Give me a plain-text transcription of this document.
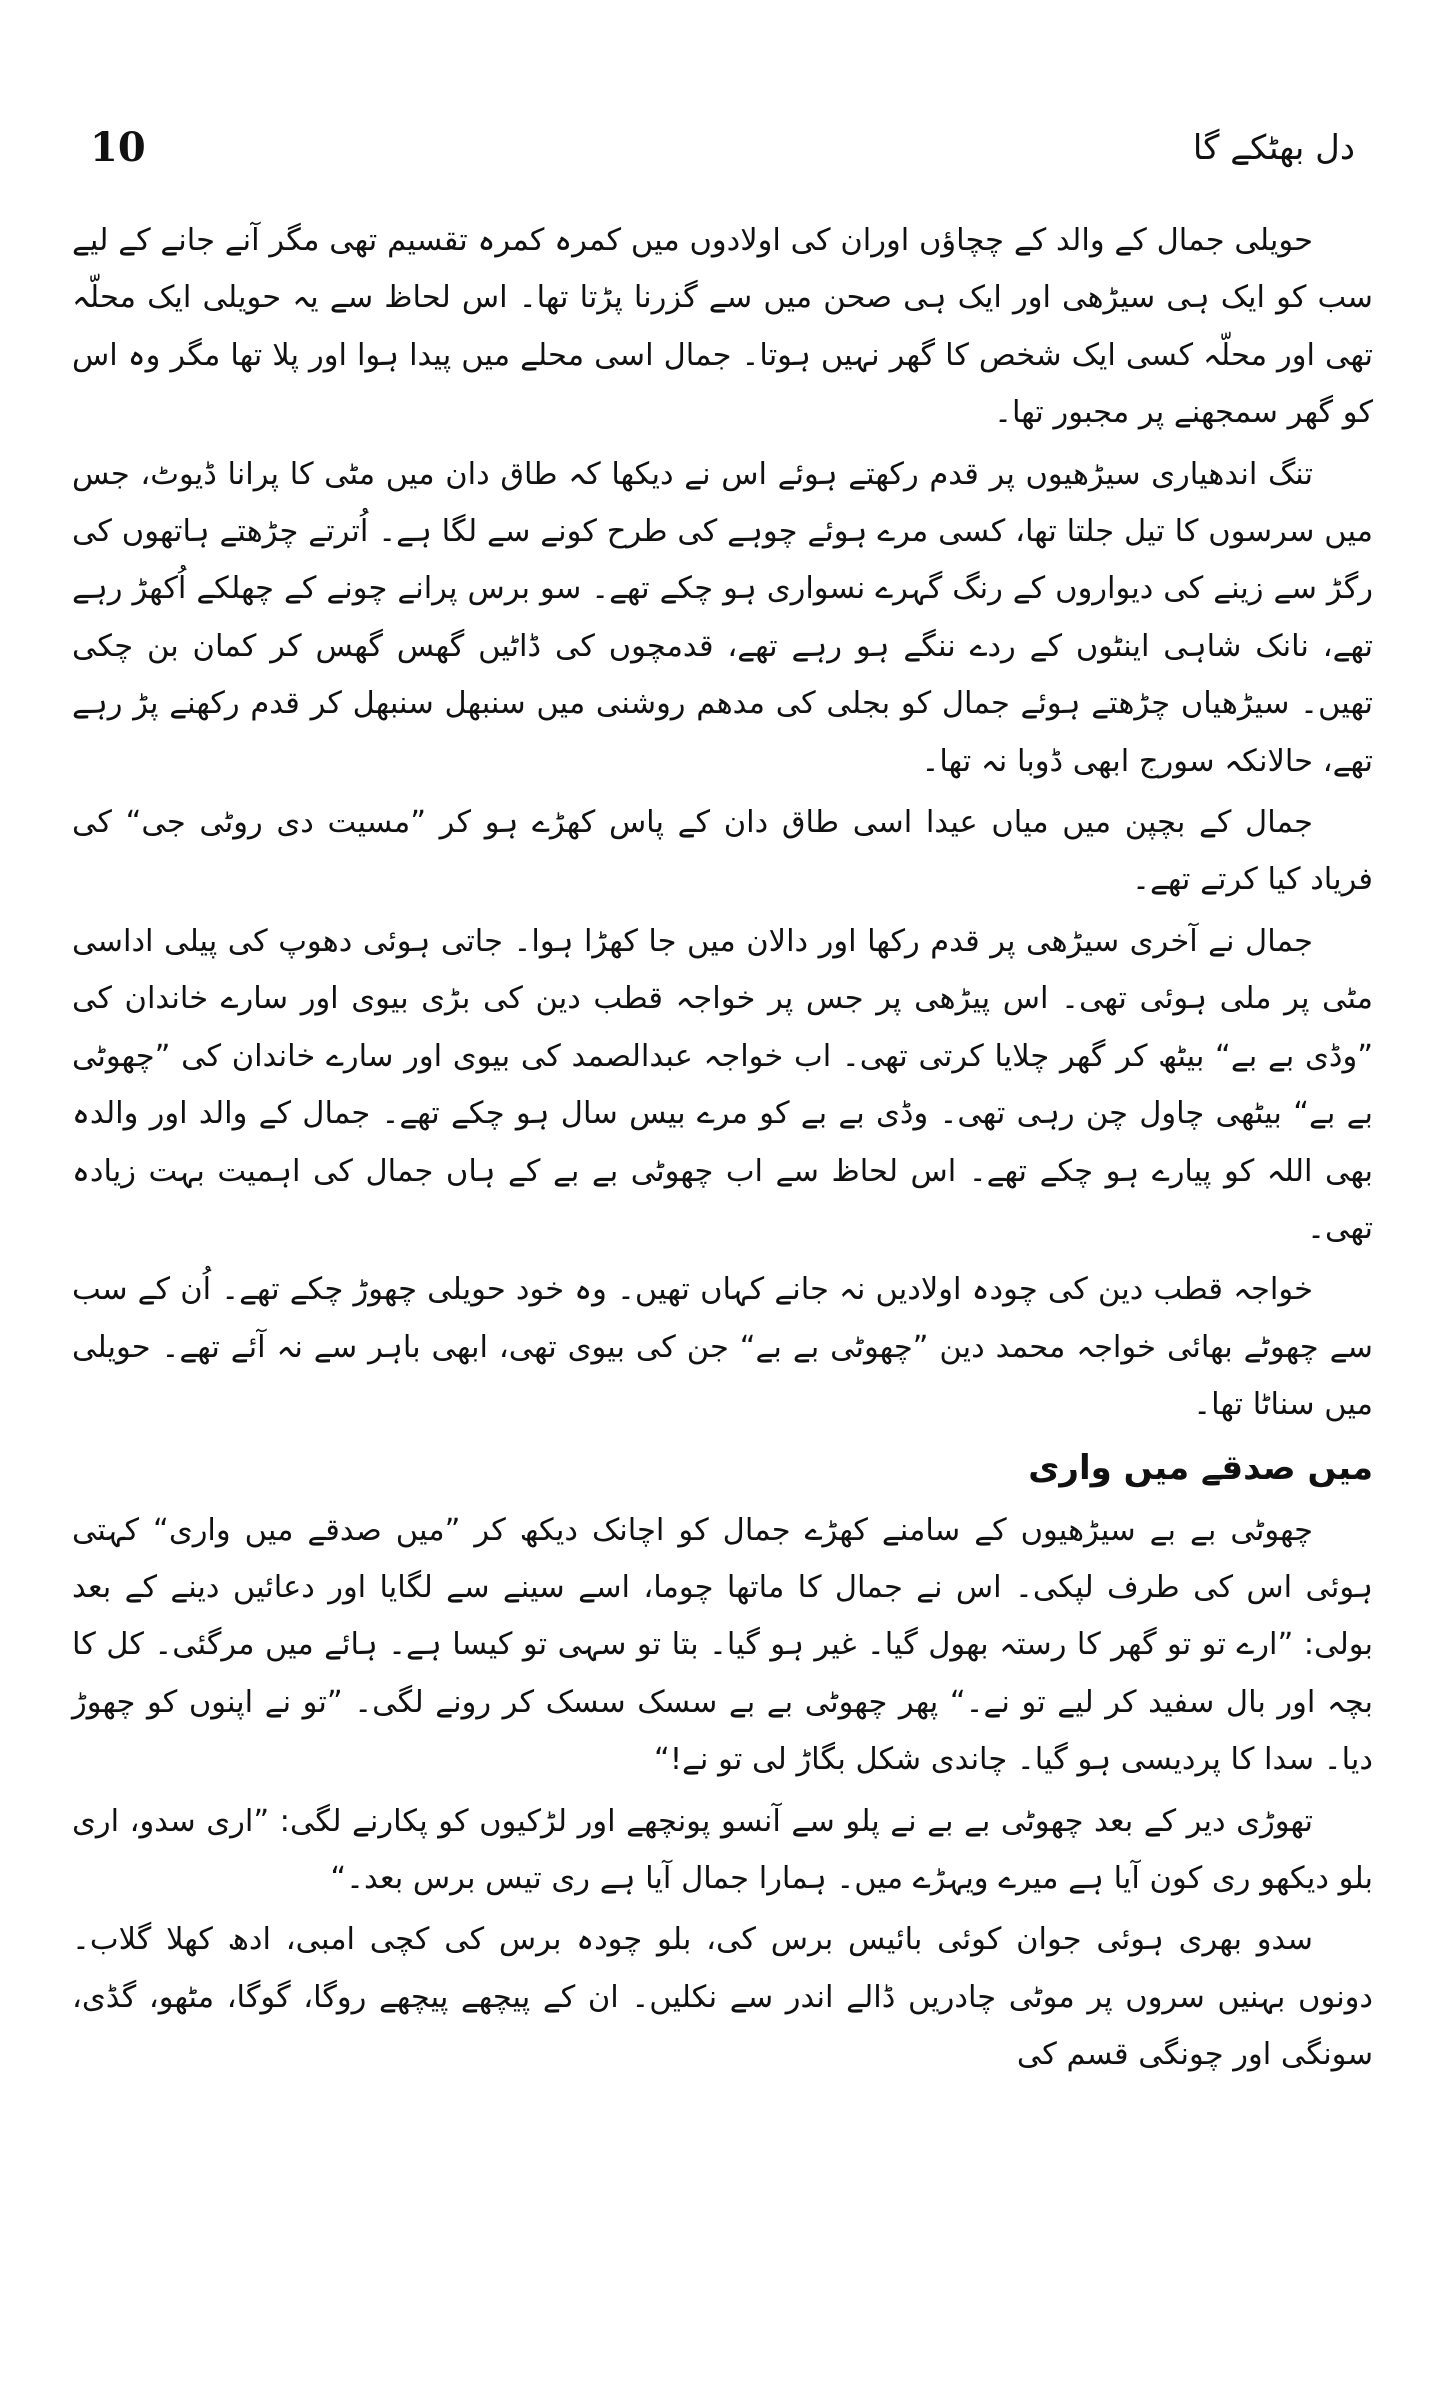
10	دل بھٹکے گا

حویلی جمال کے والد کے چچاؤں اوران کی اولادوں میں کمرہ کمرہ تقسیم تھی مگر آنے جانے کے لیے سب کو ایک ہی سیڑھی اور ایک ہی صحن میں سے گزرنا پڑتا تھا۔ اس لحاظ سے یہ حویلی ایک محلّہ تھی اور محلّہ کسی ایک شخص کا گھر نہیں ہوتا۔ جمال اسی محلے میں پیدا ہوا اور پلا تھا مگر وہ اس کو گھر سمجھنے پر مجبور تھا۔

تنگ اندھیاری سیڑھیوں پر قدم رکھتے ہوئے اس نے دیکھا کہ طاق دان میں مٹی کا پرانا ڈیوٹ، جس میں سرسوں کا تیل جلتا تھا، کسی مرے ہوئے چوہے کی طرح کونے سے لگا ہے۔ اُترتے چڑھتے ہاتھوں کی رگڑ سے زینے کی دیواروں کے رنگ گہرے نسواری ہو چکے تھے۔ سو برس پرانے چونے کے چھلکے اُکھڑ رہے تھے، نانک شاہی اینٹوں کے ردے ننگے ہو رہے تھے، قدمچوں کی ڈاٹیں گھس گھس کر کمان بن چکی تھیں۔ سیڑھیاں چڑھتے ہوئے جمال کو بجلی کی مدھم روشنی میں سنبھل سنبھل کر قدم رکھنے پڑ رہے تھے، حالانکہ سورج ابھی ڈوبا نہ تھا۔

جمال کے بچپن میں میاں عیدا اسی طاق دان کے پاس کھڑے ہو کر ”مسیت دی روٹی جی“ کی فریاد کیا کرتے تھے۔

جمال نے آخری سیڑھی پر قدم رکھا اور دالان میں جا کھڑا ہوا۔ جاتی ہوئی دھوپ کی پیلی اداسی مٹی پر ملی ہوئی تھی۔ اس پیڑھی پر جس پر خواجہ قطب دین کی بڑی بیوی اور سارے خاندان کی ”وڈی بے بے“ بیٹھ کر گھر چلایا کرتی تھی۔ اب خواجہ عبدالصمد کی بیوی اور سارے خاندان کی ”چھوٹی بے بے“ بیٹھی چاول چن رہی تھی۔ وڈی بے بے کو مرے بیس سال ہو چکے تھے۔ جمال کے والد اور والدہ بھی اللہ کو پیارے ہو چکے تھے۔ اس لحاظ سے اب چھوٹی بے بے کے ہاں جمال کی اہمیت بہت زیادہ تھی۔

خواجہ قطب دین کی چودہ اولادیں نہ جانے کہاں تھیں۔ وہ خود حویلی چھوڑ چکے تھے۔ اُن کے سب سے چھوٹے بھائی خواجہ محمد دین ”چھوٹی بے بے“ جن کی بیوی تھی، ابھی باہر سے نہ آئے تھے۔ حویلی میں سناٹا تھا۔

میں صدقے میں واری

چھوٹی بے بے سیڑھیوں کے سامنے کھڑے جمال کو اچانک دیکھ کر ”میں صدقے میں واری“ کہتی ہوئی اس کی طرف لپکی۔ اس نے جمال کا ماتھا چوما، اسے سینے سے لگایا اور دعائیں دینے کے بعد بولی: ”ارے تو تو گھر کا رستہ بھول گیا۔ غیر ہو گیا۔ بتا تو سہی تو کیسا ہے۔ ہائے میں مرگئی۔ کل کا بچہ اور بال سفید کر لیے تو نے۔“ پھر چھوٹی بے بے سسک سسک کر رونے لگی۔ ”تو نے اپنوں کو چھوڑ دیا۔ سدا کا پردیسی ہو گیا۔ چاندی شکل بگاڑ لی تو نے!“

تھوڑی دیر کے بعد چھوٹی بے بے نے پلو سے آنسو پونچھے اور لڑکیوں کو پکارنے لگی: ”اری سدو، اری بلو دیکھو ری کون آیا ہے میرے ویہڑے میں۔ ہمارا جمال آیا ہے ری تیس برس بعد۔“

سدو بھری ہوئی جوان کوئی بائیس برس کی، بلو چودہ برس کی کچی امبی، ادھ کھلا گلاب۔ دونوں بہنیں سروں پر موٹی چادریں ڈالے اندر سے نکلیں۔ ان کے پیچھے پیچھے روگا، گوگا، مٹھو، گڈی، سونگی اور چونگی قسم کی
